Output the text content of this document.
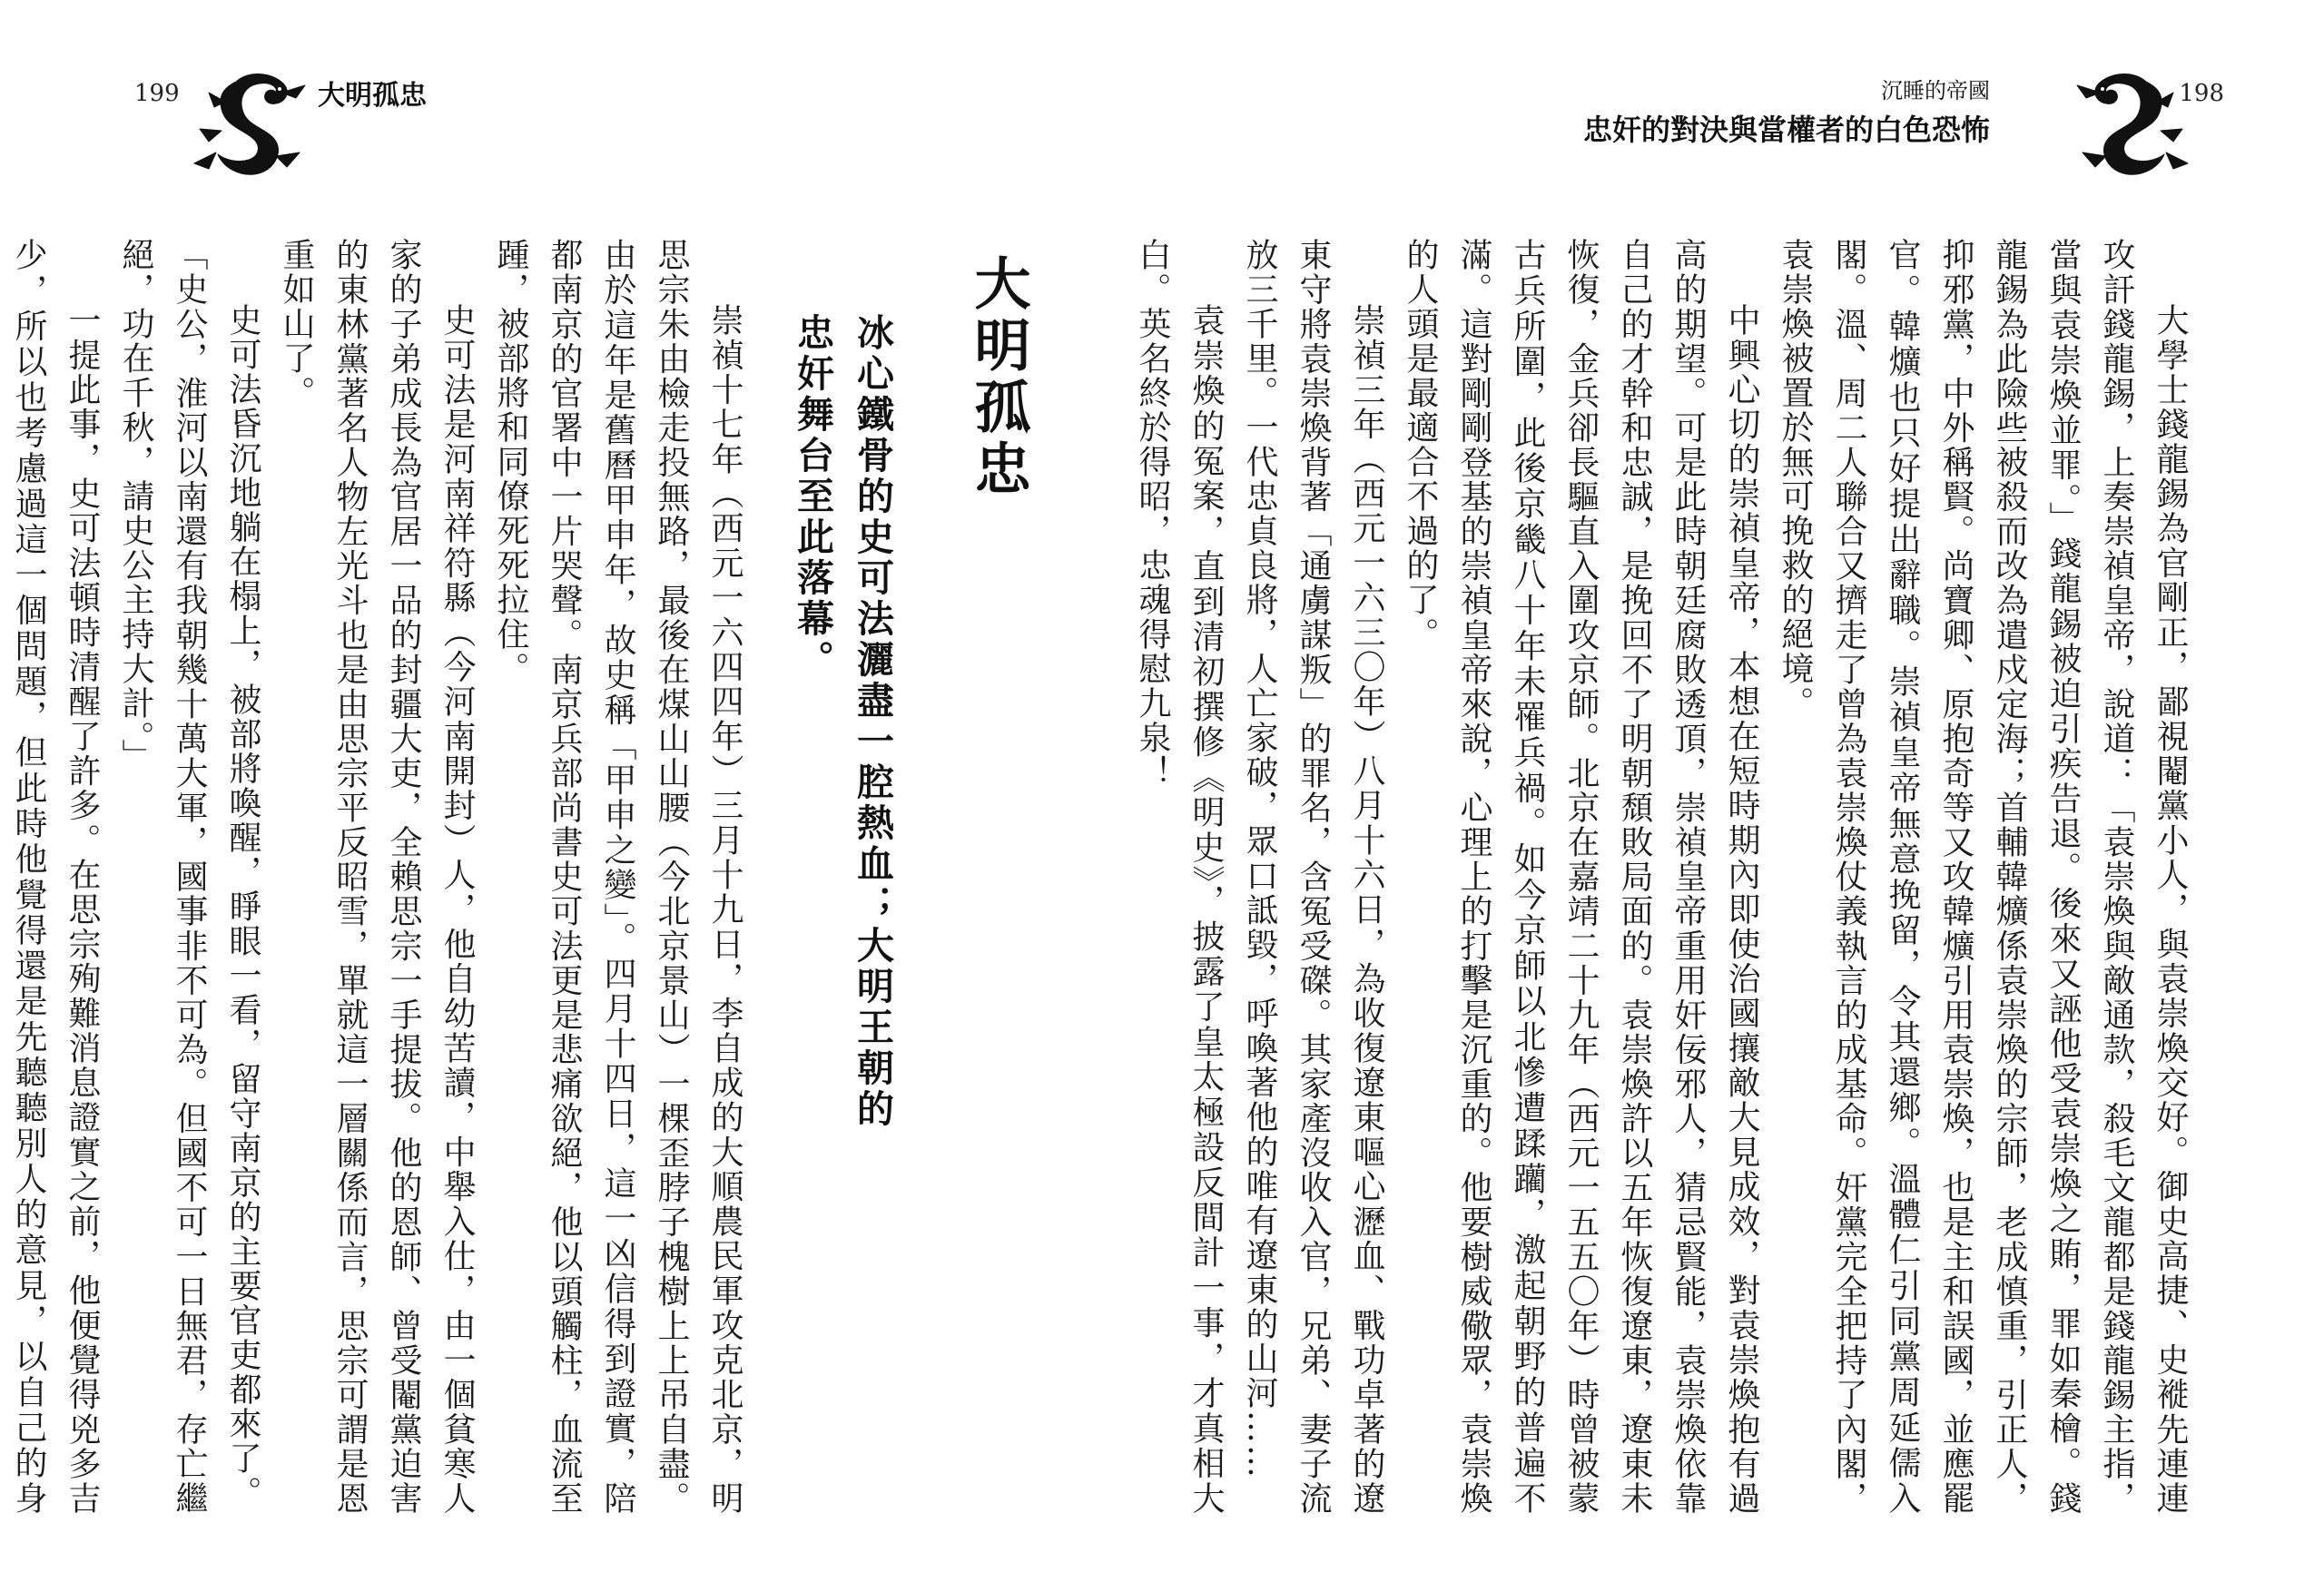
199	大明孤忠
大明孤忠
冰心鐵骨的史可法灑盡一腔熱血；大明王朝的
忠奸舞台至此落幕。

崇禎十七年（西元一六四四年）三月十九日，李自成的大順農民軍攻克北京，明思宗朱由檢走投無路，最後在煤山山腰（今北京景山）一棵歪脖子槐樹上上吊自盡。由於這年是舊曆甲申年，故史稱「甲申之變」。四月十四日，這一凶信得到證實，陪都南京的官署中一片哭聲。南京兵部尚書史可法更是悲痛欲絕，他以頭觸柱，血流至踵，被部將和同僚死死拉住。

史可法是河南祥符縣（今河南開封）人，他自幼苦讀，中舉入仕，由一個貧寒人家的子弟成長為官居一品的封疆大吏，全賴思宗一手提拔。他的恩師、曾受閹黨迫害的東林黨著名人物左光斗也是由思宗平反昭雪，單就這一層關係而言，思宗可謂是恩重如山了。

史可法昏沉地躺在榻上，被部將喚醒，睜眼一看，留守南京的主要官吏都來了。

「史公，淮河以南還有我朝幾十萬大軍，國事非不可為。但國不可一日無君，存亡繼絕，功在千秋，請史公主持大計。」

一提此事，史可法頓時清醒了許多。在思宗殉難消息證實之前，他便覺得兇多吉少，所以也考慮過這一個問題，但此時他覺得還是先聽聽別人的意見，以自己的身

沉睡的帝國
忠奸的對決與當權者的白色恐怖
198

大學士錢龍錫為官剛正，鄙視閹黨小人，與袁崇煥交好。御史高捷、史褷先連連攻訐錢龍錫，上奏崇禎皇帝，說道：「袁崇煥與敵通款，殺毛文龍都是錢龍錫主指，當與袁崇煥並罪。」錢龍錫被迫引疾告退。後來又誣他受袁崇煥之賄，罪如秦檜。錢龍錫為此險些被殺而改為遣戍定海；首輔韓爌係袁崇煥的宗師，老成慎重，引正人，抑邪黨，中外稱賢。尚寶卿、原抱奇等又攻韓爌引用袁崇煥，也是主和誤國，並應罷官。韓爌也只好提出辭職。崇禎皇帝無意挽留，令其還鄉。溫體仁引同黨周延儒入閣。溫、周二人聯合又擠走了曾為袁崇煥仗義執言的成基命。奸黨完全把持了內閣，袁崇煥被置於無可挽救的絕境。

中興心切的崇禎皇帝，本想在短時期內即使治國攘敵大見成效，對袁崇煥抱有過高的期望。可是此時朝廷腐敗透頂，崇禎皇帝重用奸佞邪人，猜忌賢能，袁崇煥依靠自己的才幹和忠誠，是挽回不了明朝頹敗局面的。袁崇煥許以五年恢復遼東，遼東未恢復，金兵卻長驅直入圍攻京師。北京在嘉靖二十九年（西元一五五〇年）時曾被蒙古兵所圍，此後京畿八十年未罹兵禍。如今京師以北慘遭蹂躪，激起朝野的普遍不滿。這對剛剛登基的崇禎皇帝來說，心理上的打擊是沉重的。他要樹威儆眾，袁崇煥的人頭是最適合不過的了。

崇禎三年（西元一六三〇年）八月十六日，為收復遼東嘔心瀝血、戰功卓著的遼東守將袁崇煥背著「通虜謀叛」的罪名，含冤受磔。其家產沒收入官，兄弟、妻子流放三千里。一代忠貞良將，人亡家破，眾口詆毀，呼喚著他的唯有遼東的山河……

袁崇煥的冤案，直到清初撰修《明史》，披露了皇太極設反間計一事，才真相大白。英名終於得昭，忠魂得慰九泉！
